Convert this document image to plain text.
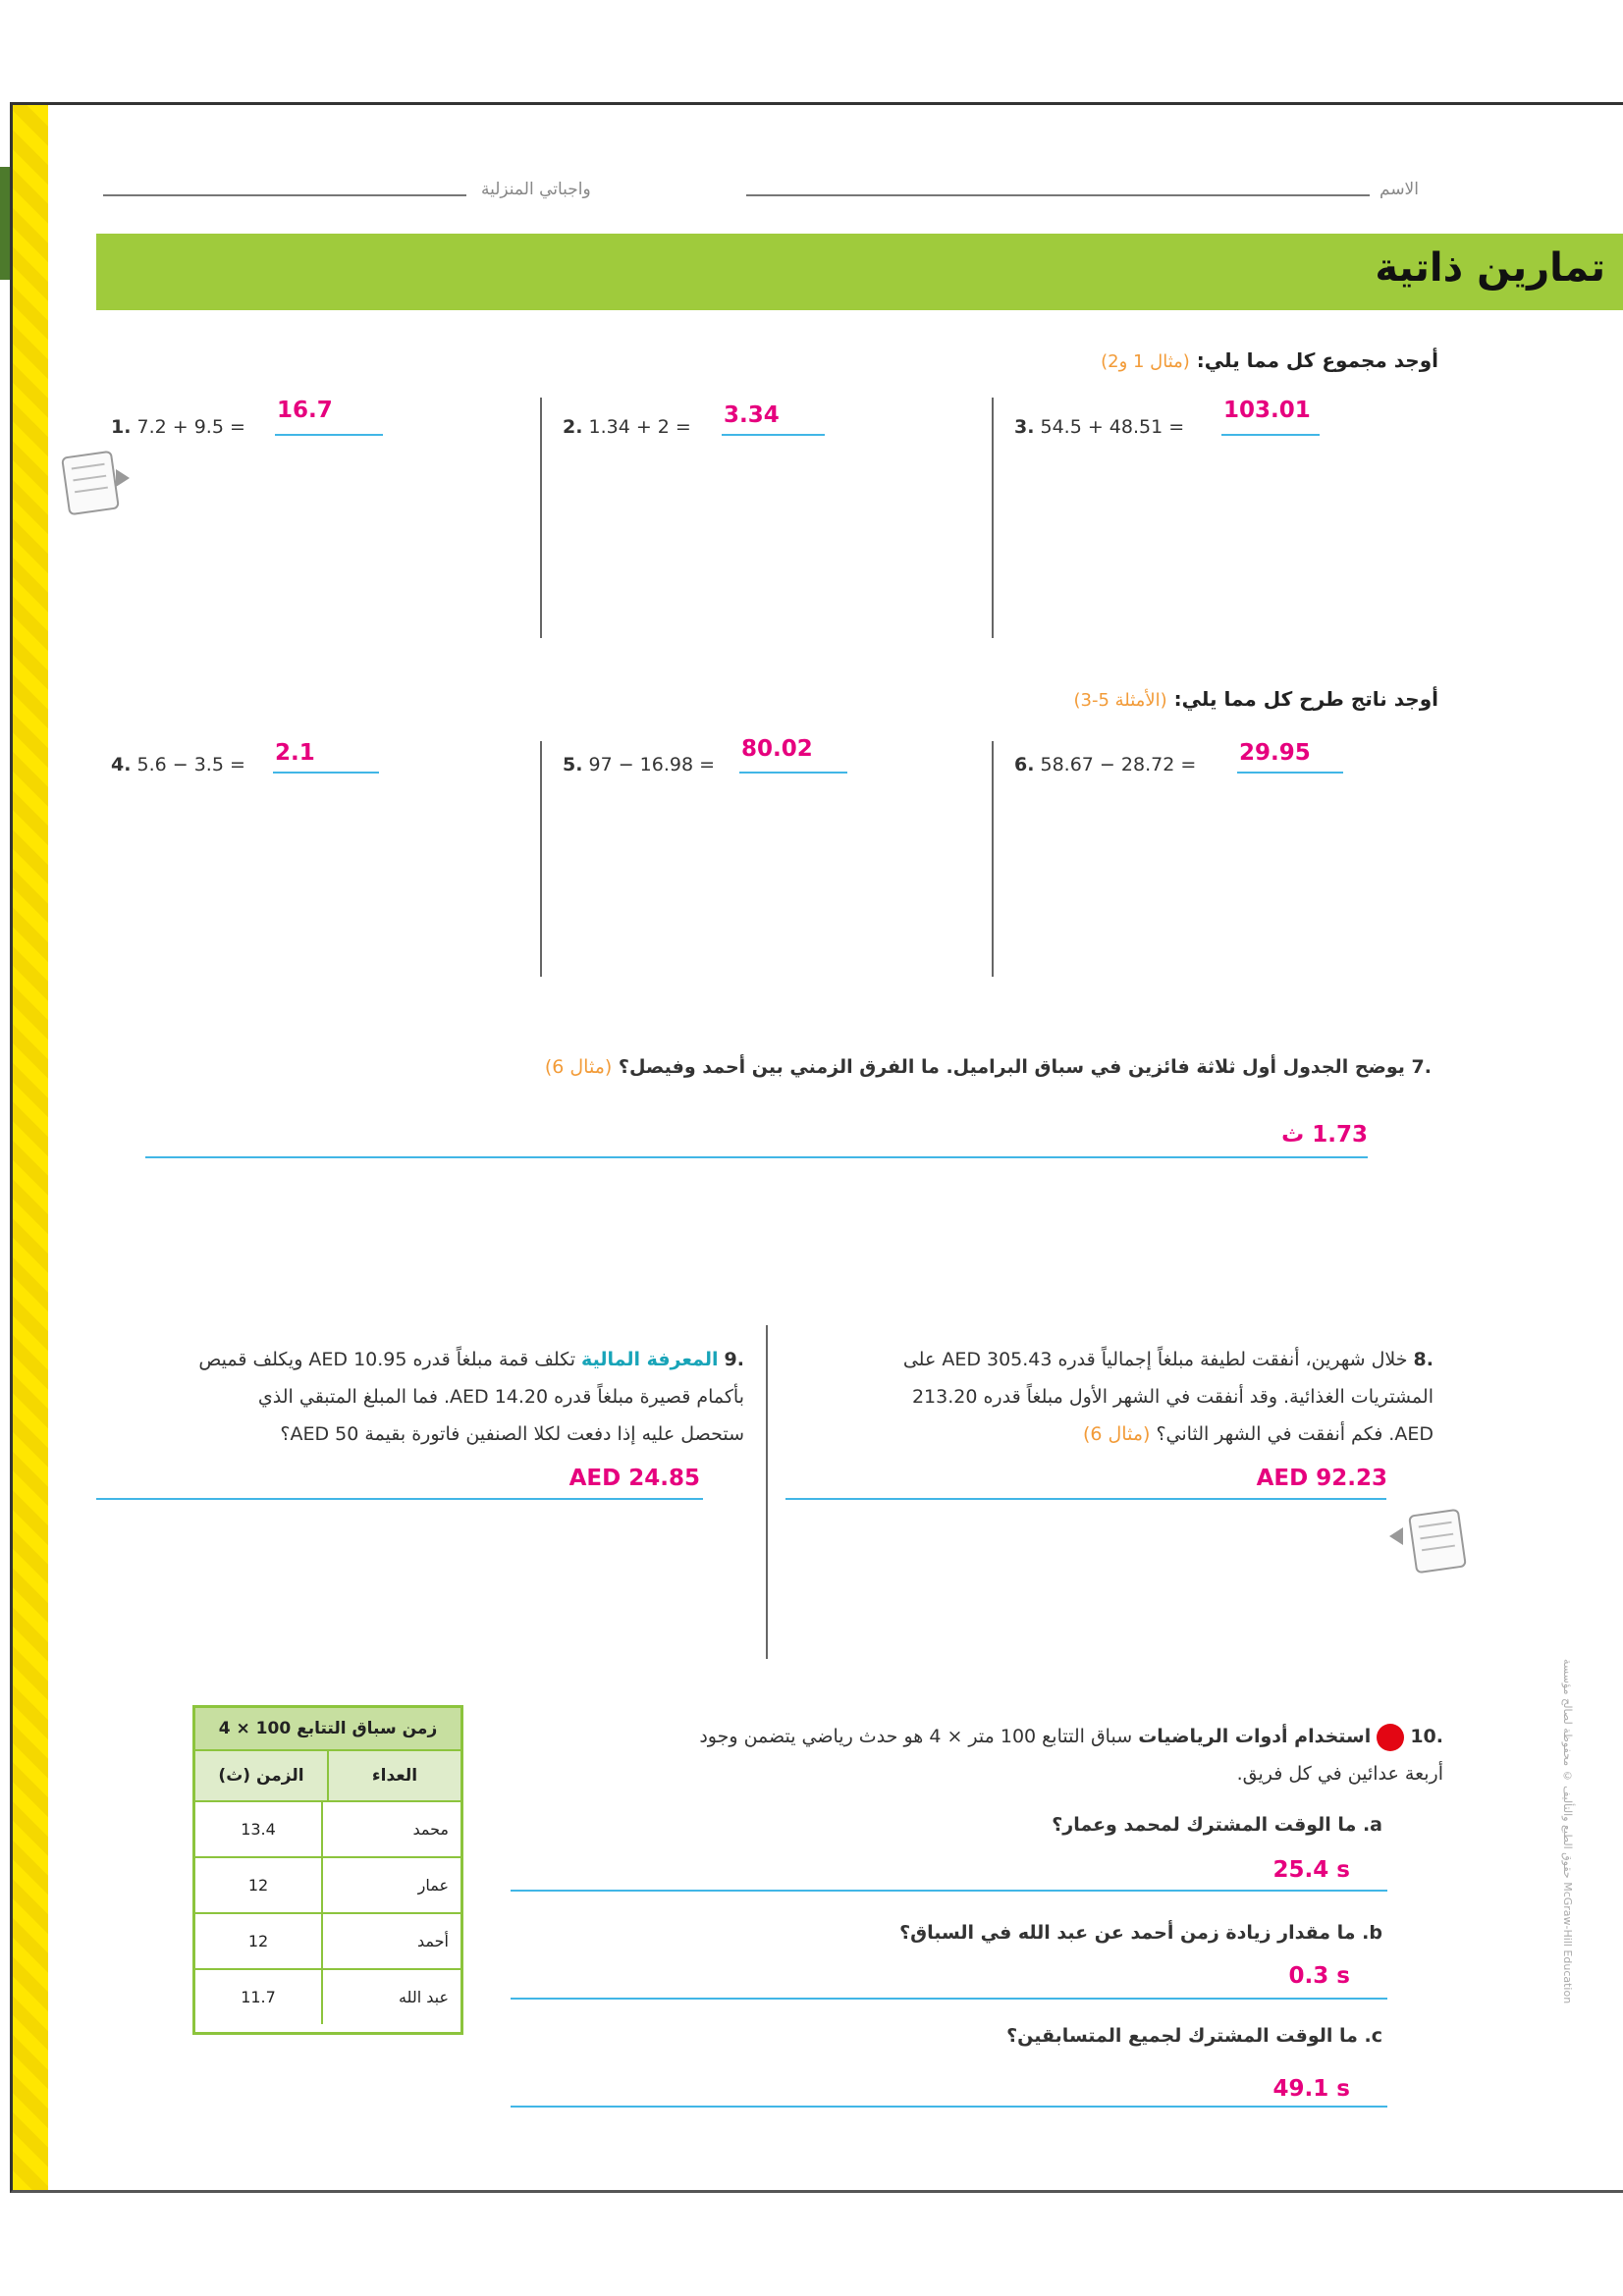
الاسم
واجباتي المنزلية
تمارين ذاتية
أوجد مجموع كل مما يلي: (مثال 1 و2)
1. 7.2 + 9.5 =
16.7
2. 1.34 + 2 = 3.34	3. 54.5 + 48.51 =
103.01
أوجد ناتج طرح كل مما يلي: (الأمثلة 5-3)
4. 5.6 − 3.5 = 2.1	5. 97 − 16.98 =
80.02
6. 58.67 − 28.72 = 29.95
.7 يوضح الجدول أول ثلاثة فائزين في سباق البراميل. ما الفرق الزمني بين أحمد وفيصل؟ (مثال 6)
1.73 ث
.9 المعرفة المالية تكلف قمة مبلغاً قدره AED 10.95 ويكلف قميص
بأكمام قصيرة مبلغاً قدره AED 14.20. فما المبلغ المتبقي الذي
ستحصل عليه إذا دفعت لكلا الصنفين فاتورة بقيمة AED 50؟
AED 24.85
.8 خلال شهرين، أنفقت لطيفة مبلغاً إجمالياً قدره AED 305.43 على
المشتريات الغذائية. وقد أنفقت في الشهر الأول مبلغاً قدره 213.20
AED. فكم أنفقت في الشهر الثاني؟ (مثال 6)
AED 92.23
زمن سباق التتابع 100 × 4
الزمن (ث)	العداء
13.4	محمد
12	عمار
12	أحمد
11.7	عبد الله
.10  استخدام أدوات الرياضيات سباق التتابع 100 متر × 4 هو حدث رياضي يتضمن وجود
أربعة عدائين في كل فريق.
a. ما الوقت المشترك لمحمد وعمار؟
25.4 s
b. ما مقدار زيادة زمن أحمد عن عبد الله في السباق؟
0.3 s
c. ما الوقت المشترك لجميع المتسابقين؟
49.1 s
حقوق الطبع والتأليف © محفوظة لصالح مؤسسة McGraw-Hill Education
